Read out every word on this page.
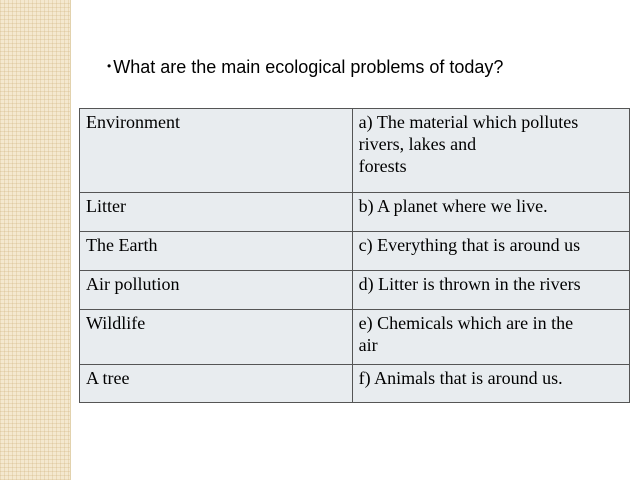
• What are the main ecological problems of today?
Environment	a) The material which pollutes
rivers, lakes and
forests

Litter	b) A planet where we live.

The Earth	c) Everything that is around us

Air pollution	d) Litter is thrown in the rivers

Wildlife	e) Chemicals which are in the
air

A tree	f) Animals that is around us.
